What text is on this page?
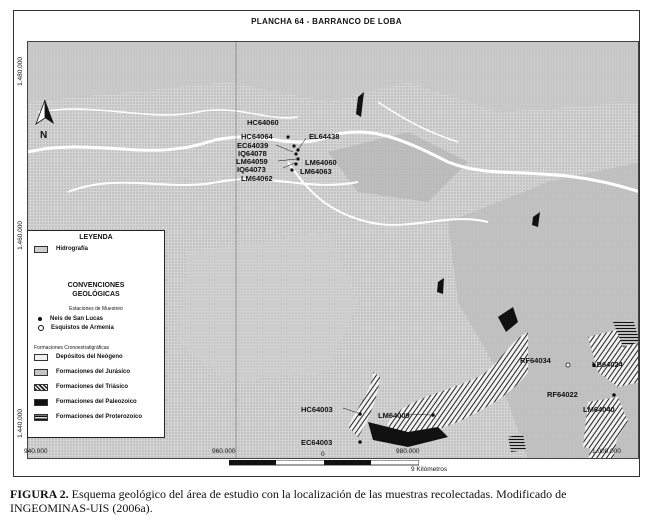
PLANCHA 64 - BARRANCO DE LOBA
N
HC64060
HC64064
EC64039
IQ64078
LM64059
IQ64073
LM64062
EL64438
LM64060
LM64063
RF64034	LB64024
RF64022
LM64040
HC64003
LM64009
EC64003
1.480.000
1.460.000
1.440.000
940.000	960.000	980.000	1.000.000
0
9 Kilómetros
LEYENDA
Hidrografía
CONVENCIONES
GEOLÓGICAS
Estaciones de Muestreo
Neis de San Lucas
Esquistos de Armenia
Formaciones Cronoestratigráficas
Depósitos del Neógeno
Formaciones del Jurásico
Formaciones del Triásico
Formaciones del Paleozoico
Formaciones del Proterozoico
FIGURA 2. Esquema geológico del área de estudio con la localización de las muestras recolectadas. Modificado de INGEOMINAS-UIS (2006a).
